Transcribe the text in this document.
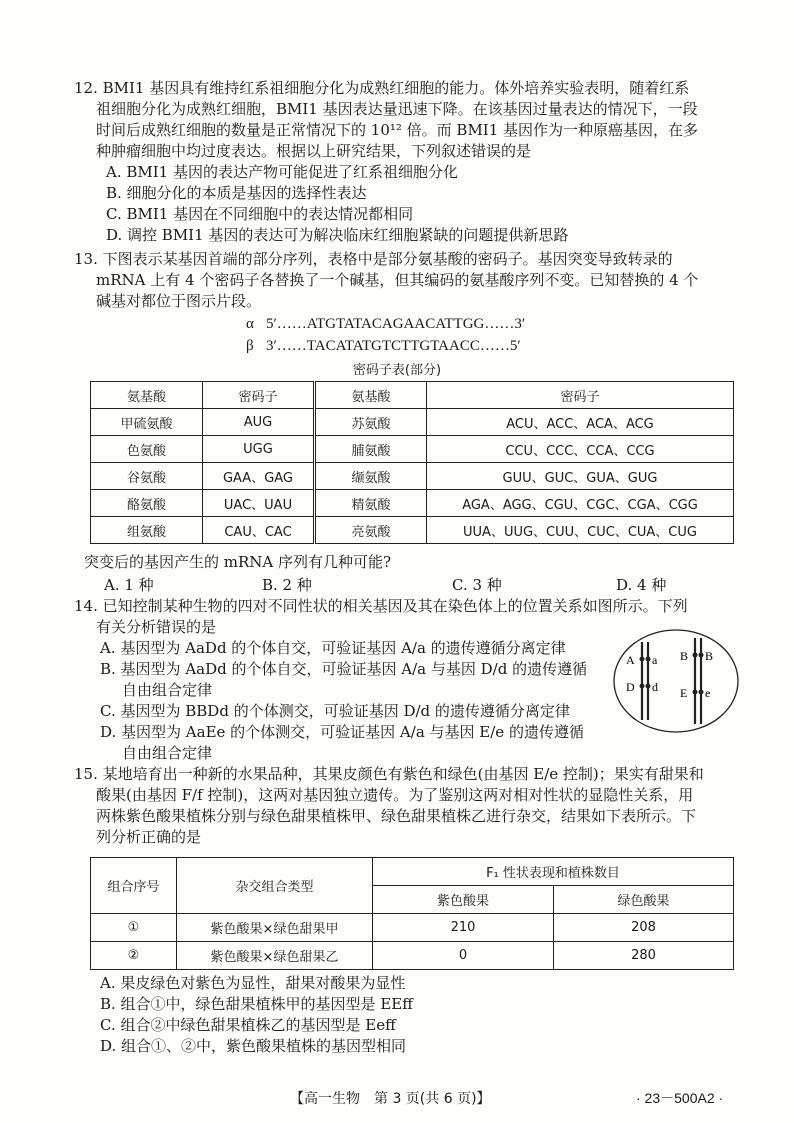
12. BMI1 基因具有维持红系祖细胞分化为成熟红细胞的能力。体外培养实验表明，随着红系

祖细胞分化为成熟红细胞，BMI1 基因表达量迅速下降。在该基因过量表达的情况下，一段

时间后成熟红细胞的数量是正常情况下的 10¹² 倍。而 BMI1 基因作为一种原癌基因，在多

种肿瘤细胞中均过度表达。根据以上研究结果，下列叙述错误的是

A. BMI1 基因的表达产物可能促进了红系祖细胞分化

B. 细胞分化的本质是基因的选择性表达

C. BMI1 基因在不同细胞中的表达情况都相同

D. 调控 BMI1 基因的表达可为解决临床红细胞紧缺的问题提供新思路

13. 下图表示某基因首端的部分序列，表格中是部分氨基酸的密码子。基因突变导致转录的

mRNA 上有 4 个密码子各替换了一个碱基，但其编码的氨基酸序列不变。已知替换的 4 个

碱基对都位于图示片段。

α 5′……ATGTATACAGAACATTGG……3′
β 3′……TACATATGTCTTGTAACC……5′
密码子表(部分)
氨基酸	密码子	氨基酸	密码子
甲硫氨酸	AUG	苏氨酸	ACU、ACC、ACA、ACG
色氨酸	UGG	脯氨酸	CCU、CCC、CCA、CCG
谷氨酸	GAA、GAG	缬氨酸	GUU、GUC、GUA、GUG
酪氨酸	UAC、UAU	精氨酸	AGA、AGG、CGU、CGC、CGA、CGG
组氨酸	CAU、CAC	亮氨酸	UUA、UUG、CUU、CUC、CUA、CUG

突变后的基因产生的 mRNA 序列有几种可能?

A. 1 种	B. 2 种	C. 3 种	D. 4 种

14. 已知控制某种生物的四对不同性状的相关基因及其在染色体上的位置关系如图所示。下列

有关分析错误的是

A. 基因型为 AaDd 的个体自交，可验证基因 A/a 的遗传遵循分离定律

B. 基因型为 AaDd 的个体自交，可验证基因 A/a 与基因 D/d 的遗传遵循

自由组合定律

C. 基因型为 BBDd 的个体测交，可验证基因 D/d 的遗传遵循分离定律

D. 基因型为 AaEe 的个体测交，可验证基因 A/a 与基因 E/e 的遗传遵循

自由组合定律

A a
D d
B B
E e

15. 某地培育出一种新的水果品种，其果皮颜色有紫色和绿色(由基因 E/e 控制)；果实有甜果和

酸果(由基因 F/f 控制)，这两对基因独立遗传。为了鉴别这两对相对性状的显隐性关系，用

两株紫色酸果植株分别与绿色甜果植株甲、绿色甜果植株乙进行杂交，结果如下表所示。下

列分析正确的是

组合序号	杂交组合类型	F₁ 性状表现和植株数目	
		紫色酸果	绿色酸果
①	紫色酸果×绿色甜果甲	210	208
②	紫色酸果×绿色甜果乙	0	280

A. 果皮绿色对紫色为显性，甜果对酸果为显性

B. 组合①中，绿色甜果植株甲的基因型是 EEff

C. 组合②中绿色甜果植株乙的基因型是 Eeff

D. 组合①、②中，紫色酸果植株的基因型相同

【高一生物　第 3 页(共 6 页)】	· 23－500A2 ·
